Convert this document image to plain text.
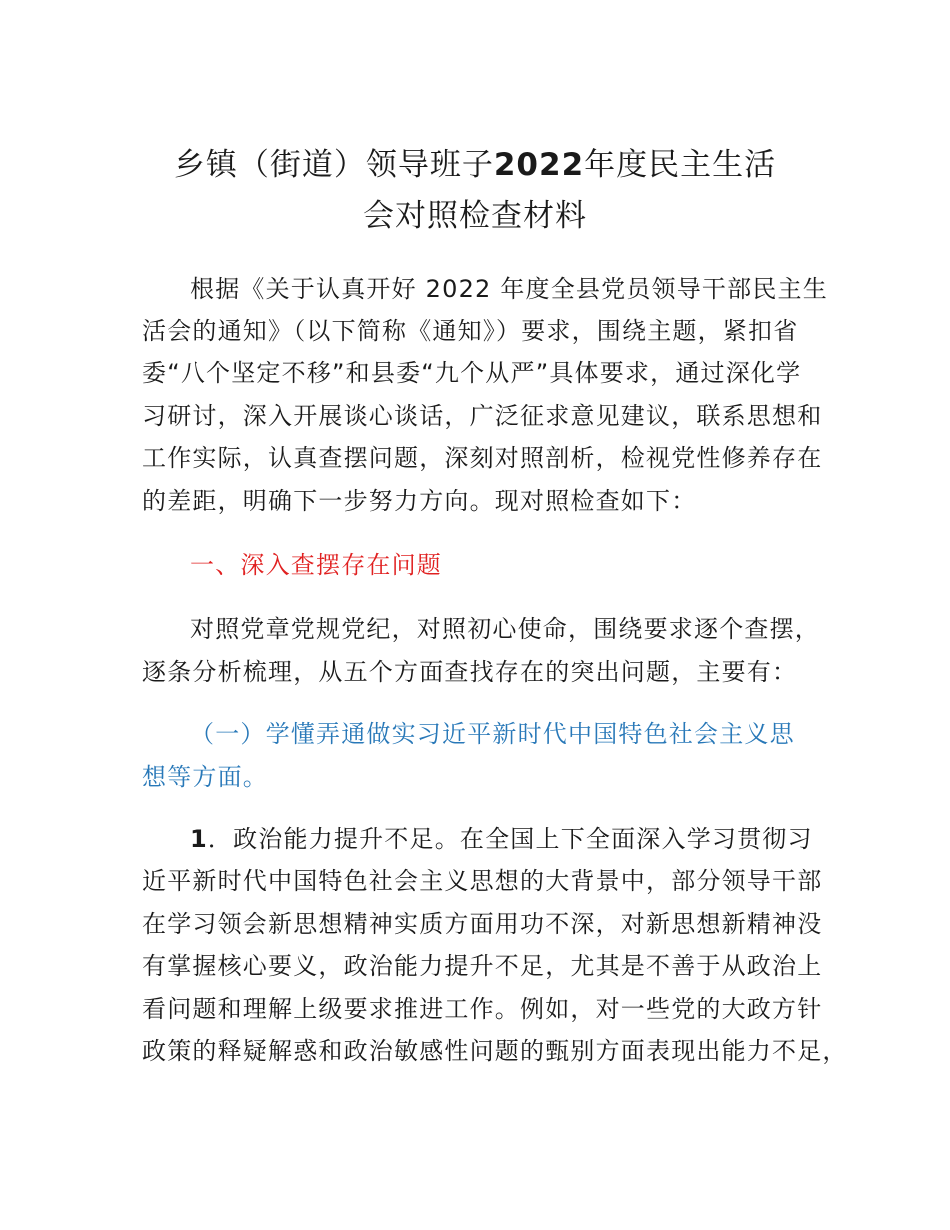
乡镇（街道）领导班子2022年度民主生活
会对照检查材料
根据《关于认真开好 2022 年度全县党员领导干部民主生
活会的通知》（以下简称《通知》）要求，围绕主题，紧扣省
委“八个坚定不移”和县委“九个从严”具体要求，通过深化学
习研讨，深入开展谈心谈话，广泛征求意见建议，联系思想和
工作实际，认真查摆问题，深刻对照剖析，检视党性修养存在
的差距，明确下一步努力方向。现对照检查如下：
一、深入查摆存在问题
对照党章党规党纪，对照初心使命，围绕要求逐个查摆，
逐条分析梳理，从五个方面查找存在的突出问题，主要有：
（一）学懂弄通做实习近平新时代中国特色社会主义思
想等方面。
1．政治能力提升不足。在全国上下全面深入学习贯彻习
近平新时代中国特色社会主义思想的大背景中，部分领导干部
在学习领会新思想精神实质方面用功不深，对新思想新精神没
有掌握核心要义，政治能力提升不足，尤其是不善于从政治上
看问题和理解上级要求推进工作。例如，对一些党的大政方针
政策的释疑解惑和政治敏感性问题的甄别方面表现出能力不足，
